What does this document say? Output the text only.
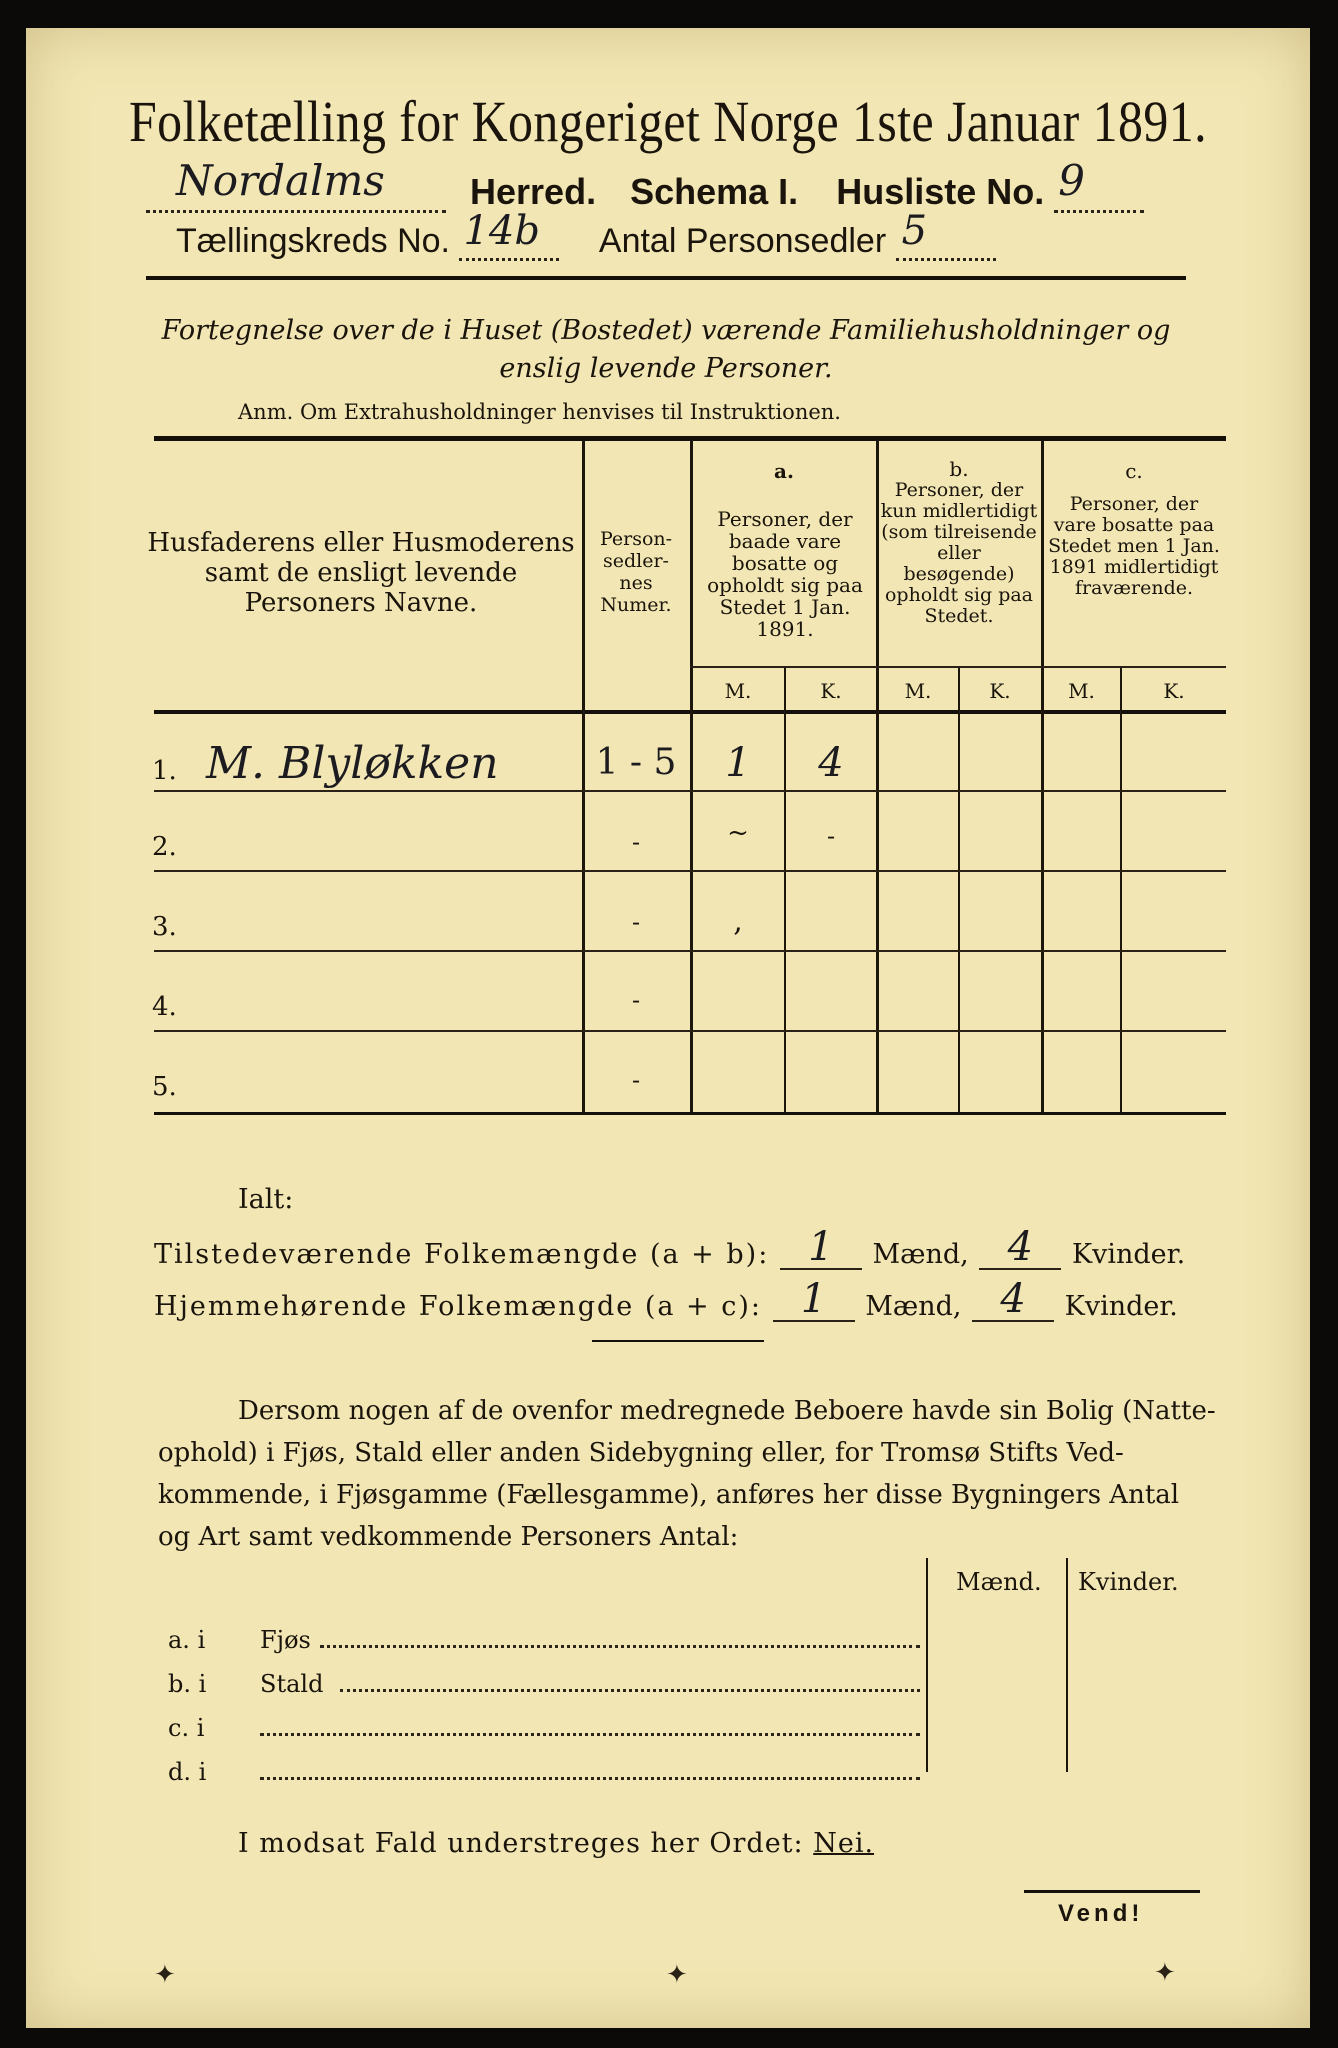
Folketælling for Kongeriget Norge 1ste Januar 1891.
Nordalms Herred. Schema I. Husliste No. 9
Tællingskreds No. 14b Antal Personsedler 5
Fortegnelse over de i Huset (Bostedet) værende Familiehusholdninger og enslig levende Personer.
Anm. Om Extrahusholdninger henvises til Instruktionen.
Husfaderens eller Husmoderens samt de ensligt levende Personers Navne.
Person-sedler-nes Numer.
a.
Personer, der baade vare bosatte og opholdt sig paa Stedet 1 Jan. 1891.
b.
Personer, der kun midlertidigt (som tilreisende eller besøgende) opholdt sig paa Stedet.
c.
Personer, der vare bosatte paa Stedet men 1 Jan. 1891 midlertidigt fraværende.
M.	K.	M.	K.	M.	K.
1. M. Blyløkken	1 - 5	1	4
2.	-	~	-
3.	-	,
4.	-
5.	-
Ialt:
Tilstedeværende Folkemængde (a + b): 1	Mænd, 4	Kvinder.
Hjemmehørende Folkemængde (a + c): 1	Mænd, 4	Kvinder.
Dersom nogen af de ovenfor medregnede Beboere havde sin Bolig (Natte-
ophold) i Fjøs, Stald eller anden Sidebygning eller, for Tromsø Stifts Ved-
kommende, i Fjøsgamme (Fællesgamme), anføres her disse Bygningers Antal
og Art samt vedkommende Personers Antal:
Mænd. Kvinder.
a. i	Fjøs
b. i	Stald
c. i
d. i
I modsat Fald understreges her Ordet: Nei.
Vend!
✦	✦	✦
